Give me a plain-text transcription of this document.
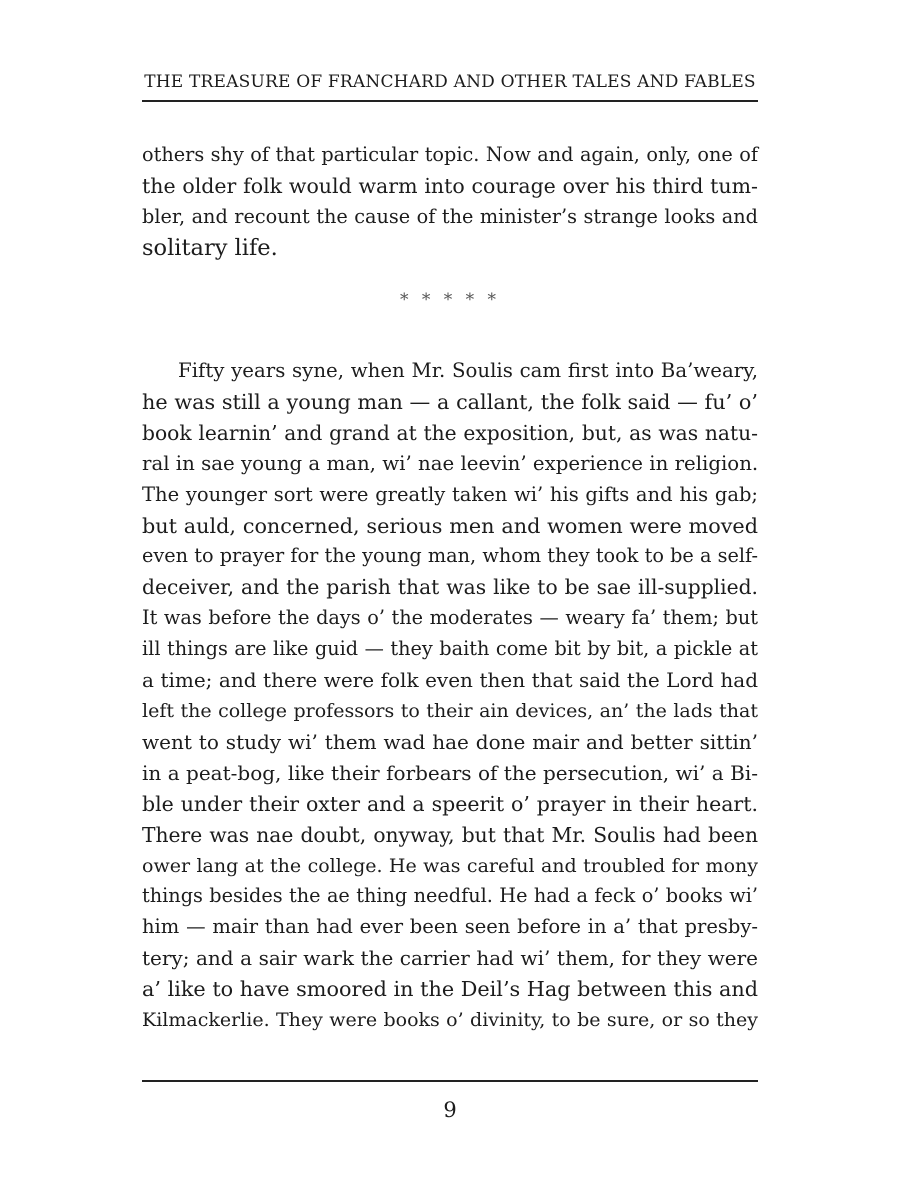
THE TREASURE OF FRANCHARD AND OTHER TALES AND FABLES
others shy of that particular topic. Now and again, only, one of
the older folk would warm into courage over his third tum-
bler, and recount the cause of the minister’s strange looks and
solitary life.
* * * * *
Fifty years syne, when Mr. Soulis cam first into Ba’weary,
he was still a young man — a callant, the folk said — fu’ o’
book learnin’ and grand at the exposition, but, as was natu-
ral in sae young a man, wi’ nae leevin’ experience in religion.
The younger sort were greatly taken wi’ his gifts and his gab;
but auld, concerned, serious men and women were moved
even to prayer for the young man, whom they took to be a self-
deceiver, and the parish that was like to be sae ill-supplied.
It was before the days o’ the moderates — weary fa’ them; but
ill things are like guid — they baith come bit by bit, a pickle at
a time; and there were folk even then that said the Lord had
left the college professors to their ain devices, an’ the lads that
went to study wi’ them wad hae done mair and better sittin’
in a peat-bog, like their forbears of the persecution, wi’ a Bi-
ble under their oxter and a speerit o’ prayer in their heart.
There was nae doubt, onyway, but that Mr. Soulis had been
ower lang at the college. He was careful and troubled for mony
things besides the ae thing needful. He had a feck o’ books wi’
him — mair than had ever been seen before in a’ that presby-
tery; and a sair wark the carrier had wi’ them, for they were
a’ like to have smoored in the Deil’s Hag between this and
Kilmackerlie. They were books o’ divinity, to be sure, or so they
9
